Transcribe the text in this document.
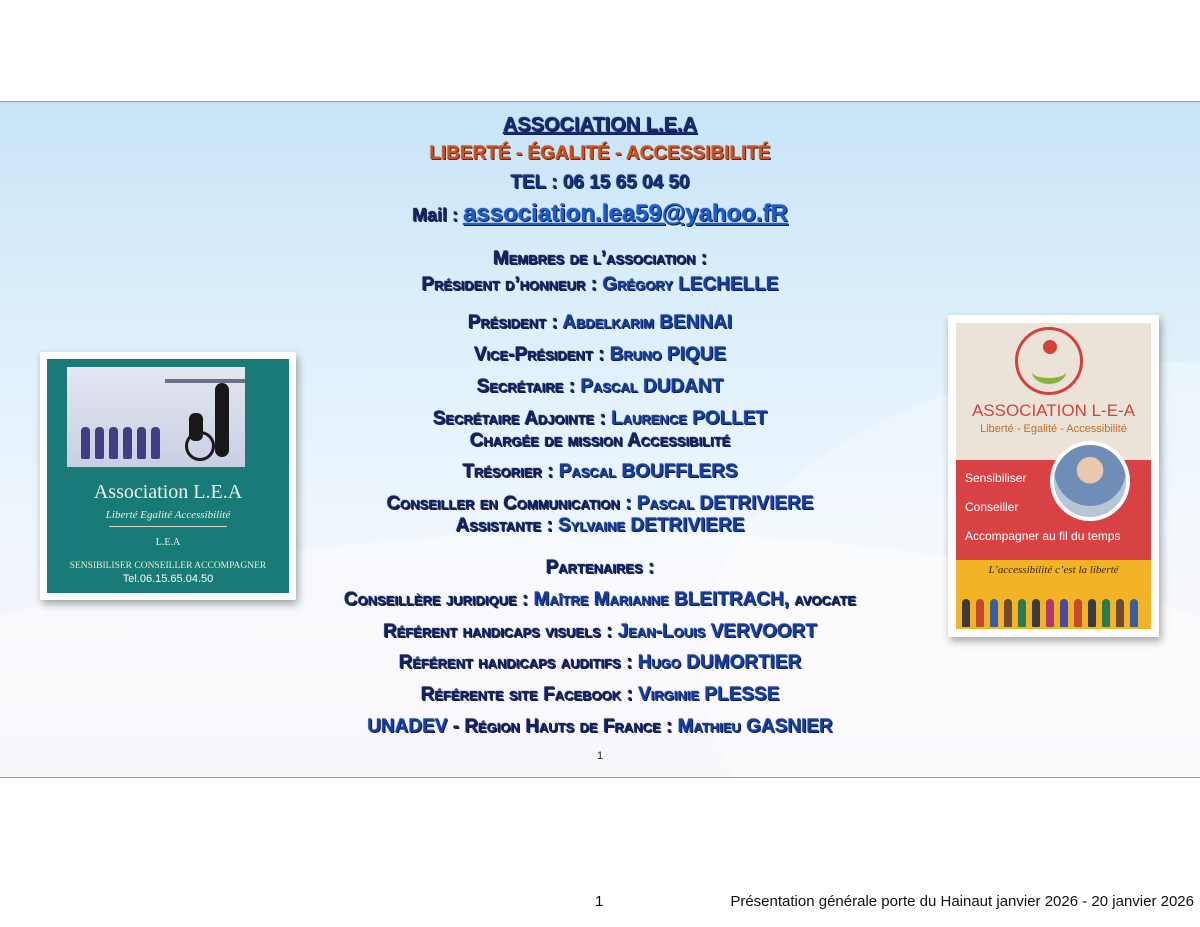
ASSOCIATION L.E.A
LIBERTÉ - ÉGALITÉ - ACCESSIBILITÉ
TEL : 06 15 65 04 50
Mail : association.lea59@yahoo.fR
Membres de l’association :
Président d’honneur : Grégory LECHELLE
Président : Abdelkarim BENNAI
Vice-Président : Bruno PIQUE
Secrétaire : Pascal DUDANT
Secrétaire Adjointe : Laurence POLLET
Chargée de mission Accessibilité
Trésorier : Pascal BOUFFLERS
Conseiller en Communication : Pascal DETRIVIERE
Assistante : Sylvaine DETRIVIERE
Partenaires :
Conseillère juridique : Maître Marianne BLEITRACH, avocate
Référent handicaps visuels : Jean-Louis VERVOORT
Référent handicaps auditifs : Hugo DUMORTIER
Référente site Facebook : Virginie PLESSE
UNADEV - Région Hauts de France : Mathieu GASNIER
1
Association L.E.A
Liberté Egalité Accessibilité
L.E.A
SENSIBILISER CONSEILLER ACCOMPAGNER
Tel.06.15.65.04.50
ASSOCIATION L-E-A
Liberté - Egalité - Accessibilité
Sensibiliser
Conseiller
Accompagner au fil du temps
L’accessibilité c’est la liberté
1	Présentation générale porte du Hainaut janvier 2026 - 20 janvier 2026
